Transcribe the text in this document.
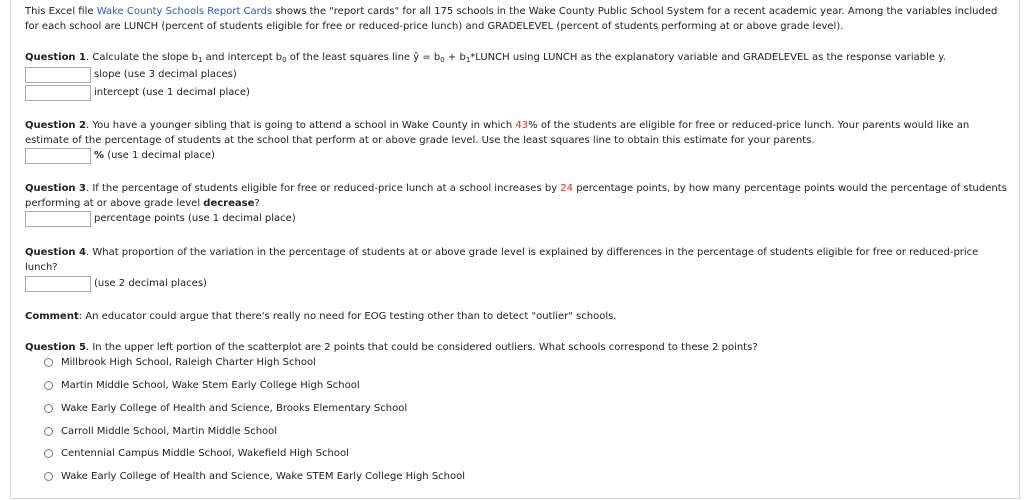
This Excel file Wake County Schools Report Cards shows the "report cards" for all 175 schools in the Wake County Public School System for a recent academic year. Among the variables included for each school are LUNCH (percent of students eligible for free or reduced-price lunch) and GRADELEVEL (percent of students performing at or above grade level).
Question 1. Calculate the slope $b_1$ and intercept $b_0$ of the least squares line ŷ = $b_0$ + $b_1*LUNCH$ using LUNCH as the explanatory variable and GRADELEVEL as the response variable y.
slope (use 3 decimal places)
intercept (use 1 decimal place)
Question 2. You have a younger sibling that is going to attend a school in Wake County in which 43% of the students are eligible for free or reduced-price lunch. Your parents would like an estimate of the percentage of students at the school that perform at or above grade level. Use the least squares line to obtain this estimate for your parents.
% (use 1 decimal place)
Question 3. If the percentage of students eligible for free or reduced-price lunch at a school increases by 24 percentage points, by how many percentage points would the percentage of students performing at or above grade level decrease?
percentage points (use 1 decimal place)
Question 4. What proportion of the variation in the percentage of students at or above grade level is explained by differences in the percentage of students eligible for free or reduced-price lunch?
(use 2 decimal places)
Comment: An educator could argue that there's really no need for EOG testing other than to detect "outlier" schools.
Question 5. In the upper left portion of the scatterplot are 2 points that could be considered outliers. What schools correspond to these 2 points?
Millbrook High School, Raleigh Charter High School
Martin Middle School, Wake Stem Early College High School
Wake Early College of Health and Science, Brooks Elementary School
Carroll Middle School, Martin Middle School
Centennial Campus Middle School, Wakefield High School
Wake Early College of Health and Science, Wake STEM Early College High School
